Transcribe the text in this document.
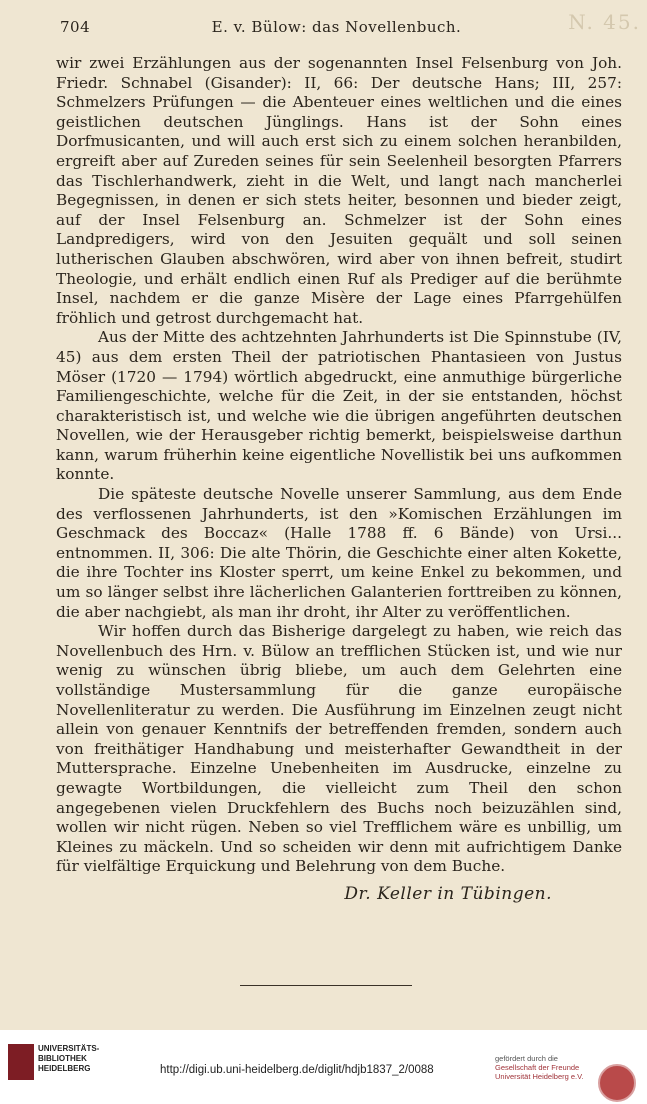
N. 45.
704	E. v. Bülow: das Novellenbuch.

wir zwei Erzählungen aus der sogenannten Insel Felsenburg von Joh. Friedr. Schnabel (Gisander): II, 66: Der deutsche Hans; III, 257: Schmelzers Prüfungen — die Abenteuer eines weltlichen und die eines geistlichen deutschen Jünglings. Hans ist der Sohn eines Dorfmusicanten, und will auch erst sich zu einem solchen heranbilden, ergreift aber auf Zureden seines für sein Seelenheil besorgten Pfarrers das Tischlerhandwerk, zieht in die Welt, und langt nach mancherlei Begegnissen, in denen er sich stets heiter, besonnen und bieder zeigt, auf der Insel Felsenburg an. Schmelzer ist der Sohn eines Landpredigers, wird von den Jesuiten gequält und soll seinen lutherischen Glauben abschwören, wird aber von ihnen befreit, studirt Theologie, und erhält endlich einen Ruf als Prediger auf die berühmte Insel, nachdem er die ganze Misère der Lage eines Pfarrgehülfen fröhlich und getrost durchgemacht hat.

Aus der Mitte des achtzehnten Jahrhunderts ist Die Spinnstube (IV, 45) aus dem ersten Theil der patriotischen Phantasieen von Justus Möser (1720 — 1794) wörtlich abgedruckt, eine anmuthige bürgerliche Familiengeschichte, welche für die Zeit, in der sie entstanden, höchst charakteristisch ist, und welche wie die übrigen angeführten deutschen Novellen, wie der Herausgeber richtig bemerkt, beispielsweise darthun kann, warum früherhin keine eigentliche Novellistik bei uns aufkommen konnte.

Die späteste deutsche Novelle unserer Sammlung, aus dem Ende des verflossenen Jahrhunderts, ist den »Komischen Erzählungen im Geschmack des Boccaz« (Halle 1788 ff. 6 Bände) von Ursi... entnommen. II, 306: Die alte Thörin, die Geschichte einer alten Kokette, die ihre Tochter ins Kloster sperrt, um keine Enkel zu bekommen, und um so länger selbst ihre lächerlichen Galanterien forttreiben zu können, die aber nachgiebt, als man ihr droht, ihr Alter zu veröffentlichen.

Wir hoffen durch das Bisherige dargelegt zu haben, wie reich das Novellenbuch des Hrn. v. Bülow an trefflichen Stücken ist, und wie nur wenig zu wünschen übrig bliebe, um auch dem Gelehrten eine vollständige Mustersammlung für die ganze europäische Novellenliteratur zu werden. Die Ausführung im Einzelnen zeugt nicht allein von genauer Kenntnifs der betreffenden fremden, sondern auch von freithätiger Handhabung und meisterhafter Gewandtheit in der Muttersprache. Einzelne Unebenheiten im Ausdrucke, einzelne zu gewagte Wortbildungen, die vielleicht zum Theil den schon angegebenen vielen Druckfehlern des Buchs noch beizuzählen sind, wollen wir nicht rügen. Neben so viel Trefflichem wäre es unbillig, um Kleines zu mäckeln. Und so scheiden wir denn mit aufrichtigem Danke für vielfältige Erquickung und Belehrung von dem Buche.

Dr. Keller in Tübingen.
UNIVERSITÄTS-
BIBLIOTHEK
HEIDELBERG	http://digi.ub.uni-heidelberg.de/diglit/hdjb1837_2/0088
gefördert durch die
Gesellschaft der Freunde
Universität Heidelberg e.V.
